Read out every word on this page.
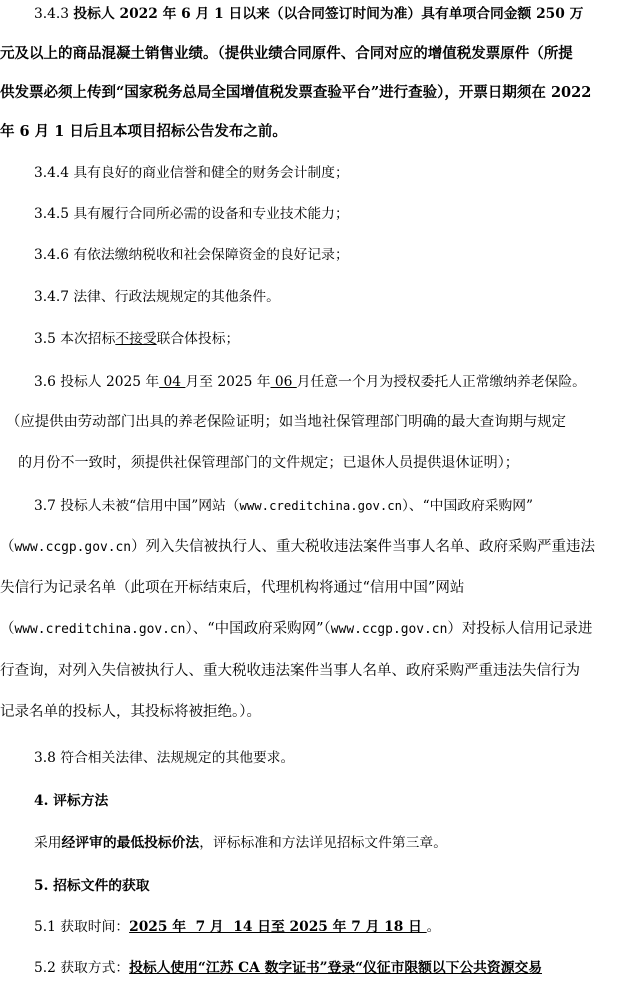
3.4.3 投标人 2022 年 6 月 1 日以来（以合同签订时间为准）具有单项合同金额 250 万
元及以上的商品混凝土销售业绩。（提供业绩合同原件、合同对应的增值税发票原件（所提
供发票必须上传到“国家税务总局全国增值税发票查验平台”进行查验），开票日期须在 2022
年 6 月 1 日后且本项目招标公告发布之前。
3.4.4 具有良好的商业信誉和健全的财务会计制度；
3.4.5 具有履行合同所必需的设备和专业技术能力；
3.4.6 有依法缴纳税收和社会保障资金的良好记录；
3.4.7 法律、行政法规规定的其他条件。
3.5 本次招标不接受联合体投标；
3.6 投标人 2025 年 04 月至 2025 年 06 月任意一个月为授权委托人正常缴纳养老保险。
（应提供由劳动部门出具的养老保险证明；如当地社保管理部门明确的最大查询期与规定
的月份不一致时，须提供社保管理部门的文件规定；已退休人员提供退休证明）；
3.7 投标人未被“信用中国”网站（www.creditchina.gov.cn）、“中国政府采购网”
（www.ccgp.gov.cn）列入失信被执行人、重大税收违法案件当事人名单、政府采购严重违法
失信行为记录名单（此项在开标结束后，代理机构将通过“信用中国”网站
（www.creditchina.gov.cn）、“中国政府采购网”（www.ccgp.gov.cn）对投标人信用记录进
行查询，对列入失信被执行人、重大税收违法案件当事人名单、政府采购严重违法失信行为
记录名单的投标人，其投标将被拒绝。）。
3.8 符合相关法律、法规规定的其他要求。
4. 评标方法
采用经评审的最低投标价法，评标标准和方法详见招标文件第三章。
5. 招标文件的获取
5.1 获取时间：2025 年  7 月  14 日至 2025 年 7 月 18 日 。
5.2 获取方式：投标人使用“江苏 CA 数字证书”登录“仪征市限额以下公共资源交易
